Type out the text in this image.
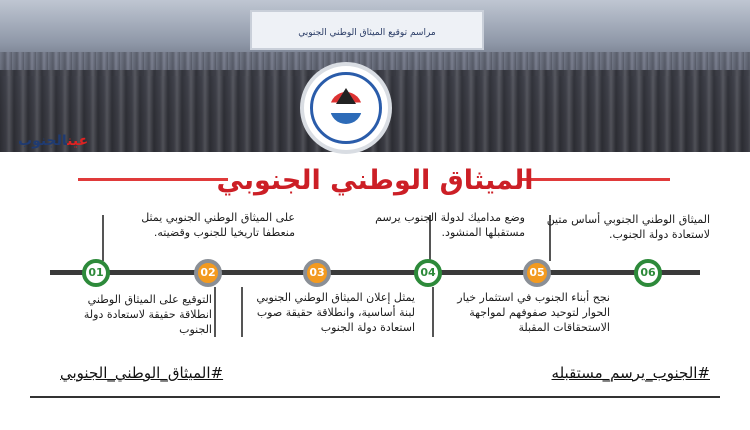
مراسم توقيع الميثاق الوطني الجنوبي
عينالجنوب
الميثاق الوطني الجنوبي
01	02	03	04	05	06
الميثاق الوطني الجنوبي أساس متين لاستعادة دولة الجنوب.
وضع مداميك لدولة الجنوب يرسم مستقبلها المنشود.
على الميثاق الوطني الجنوبي يمثل منعطفا تاريخيا للجنوب وقضيته.
نجح أبناء الجنوب في استثمار خيار الحوار لتوحيد صفوفهم لمواجهة الاستحقاقات المقبلة
يمثل إعلان الميثاق الوطني الجنوبي لبنة أساسية، وانطلاقة حقيقة صوب استعادة دولة الجنوب
التوقيع على الميثاق الوطني انطلاقة حقيقة لاستعادة دولة الجنوب
#الجنوب_يرسم_مستقبله
#الميثاق_الوطني_الجنوبي
